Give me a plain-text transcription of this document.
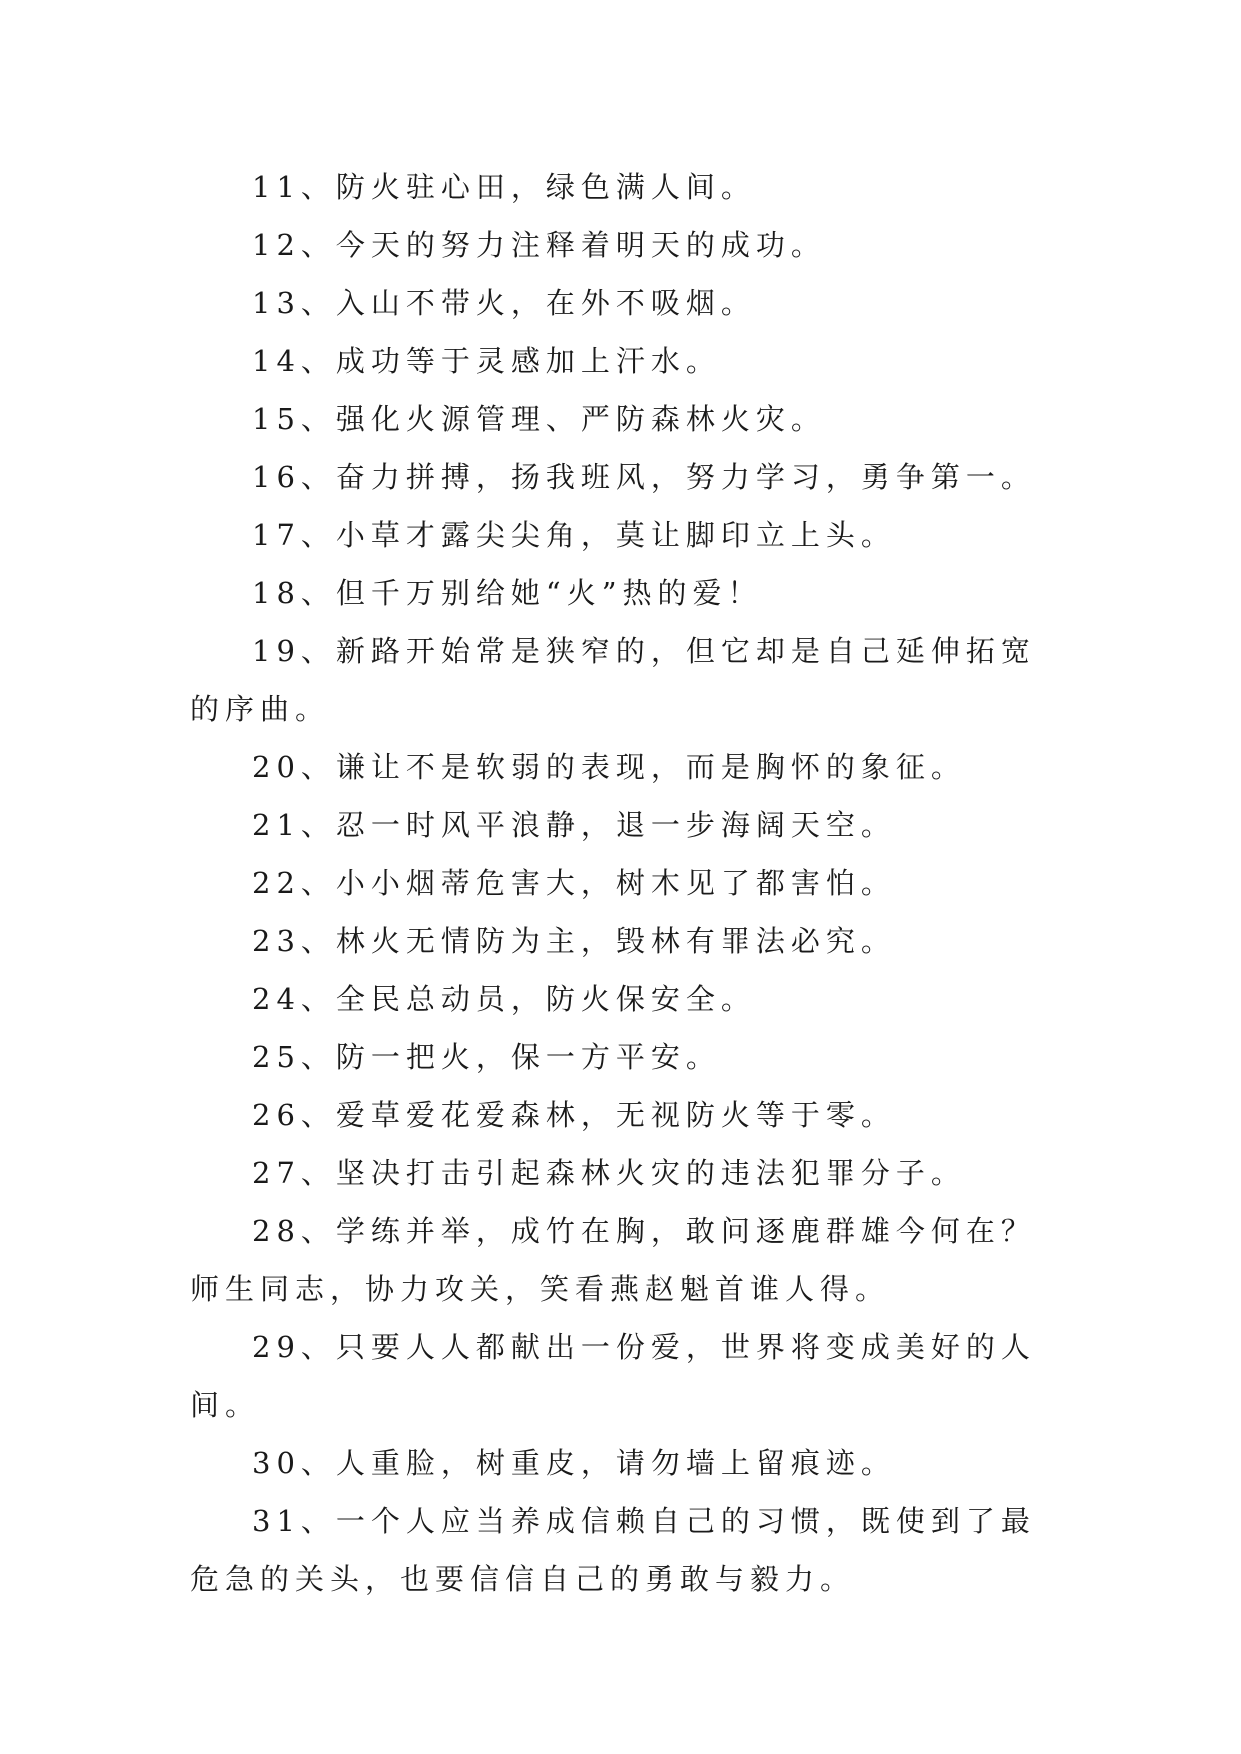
11、防火驻心田，绿色满人间。

12、今天的努力注释着明天的成功。

13、入山不带火，在外不吸烟。

14、成功等于灵感加上汗水。

15、强化火源管理、严防森林火灾。

16、奋力拼搏，扬我班风，努力学习，勇争第一。

17、小草才露尖尖角，莫让脚印立上头。

18、但千万别给她“火”热的爱！

19、新路开始常是狭窄的，但它却是自己延伸拓宽的序曲。

20、谦让不是软弱的表现，而是胸怀的象征。

21、忍一时风平浪静，退一步海阔天空。

22、小小烟蒂危害大，树木见了都害怕。

23、林火无情防为主，毁林有罪法必究。

24、全民总动员，防火保安全。

25、防一把火，保一方平安。

26、爱草爱花爱森林，无视防火等于零。

27、坚决打击引起森林火灾的违法犯罪分子。

28、学练并举，成竹在胸，敢问逐鹿群雄今何在？师生同志，协力攻关，笑看燕赵魁首谁人得。

29、只要人人都献出一份爱，世界将变成美好的人间。

30、人重脸，树重皮，请勿墙上留痕迹。

31、一个人应当养成信赖自己的习惯，既使到了最危急的关头，也要信信自己的勇敢与毅力。
